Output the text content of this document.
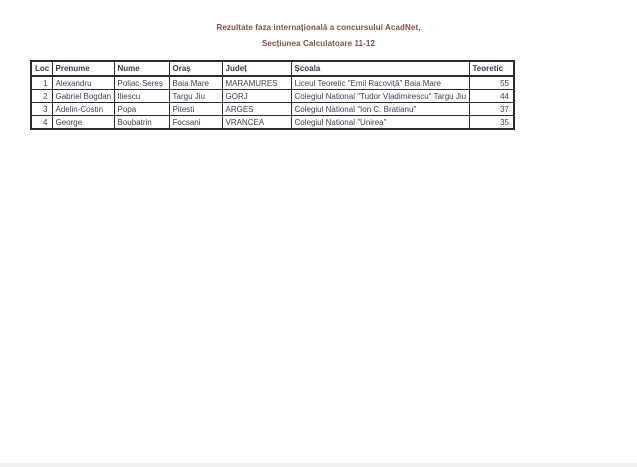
Rezultate faza internațională a concursului AcadNet,
Secțiunea Calculatoare 11-12
Loc	Prenume	Nume	Oraș	Județ	Școala	Teoretic
1	Alexandru	Poliac-Sereș	Baia Mare	MARAMURES	Liceul Teoretic "Emil Racoviță" Baia Mare	55
2	Gabriel Bogdan	Iliescu	Targu Jiu	GORJ	Colegiul National "Tudor Vladimirescu" Targu Jiu	44
3	Adelin-Costin	Popa	Pitesti	ARGES	Colegiul National "Ion C. Bratianu"	37
4	George	Boubatrin	Focsani	VRANCEA	Colegiul National "Unirea"	35
